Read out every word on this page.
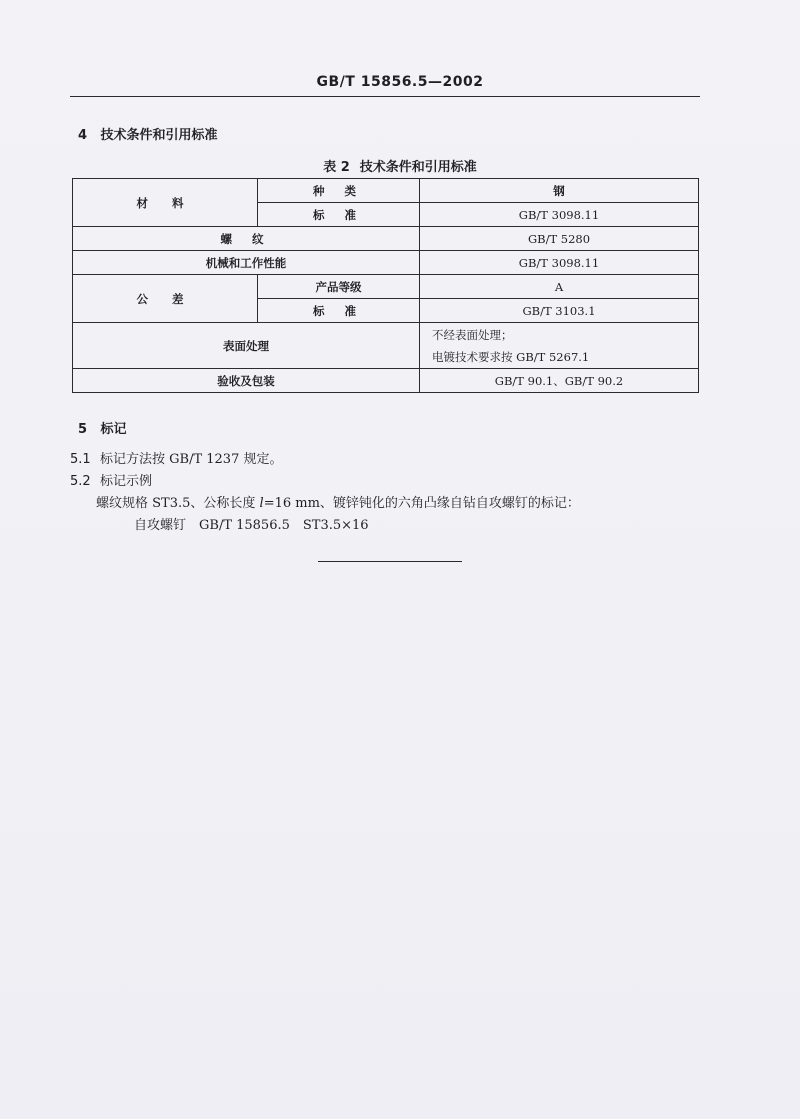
GB/T 15856.5—2002
4 技术条件和引用标准
表 2 技术条件和引用标准
材 料	种 类	钢
	标 准	GB/T 3098.11
螺 纹		GB/T 5280
机械和工作性能		GB/T 3098.11
公 差	产品等级	A
	标 准	GB/T 3103.1
表面处理		不经表面处理；
电镀技术要求按 GB/T 5267.1

验收及包装		GB/T 90.1、GB/T 90.2
5 标记
5.1 标记方法按 GB/T 1237 规定。
5.2 标记示例
螺纹规格 ST3.5、公称长度 l=16 mm、镀锌钝化的六角凸缘自钻自攻螺钉的标记：
自攻螺钉　GB/T 15856.5　ST3.5×16
